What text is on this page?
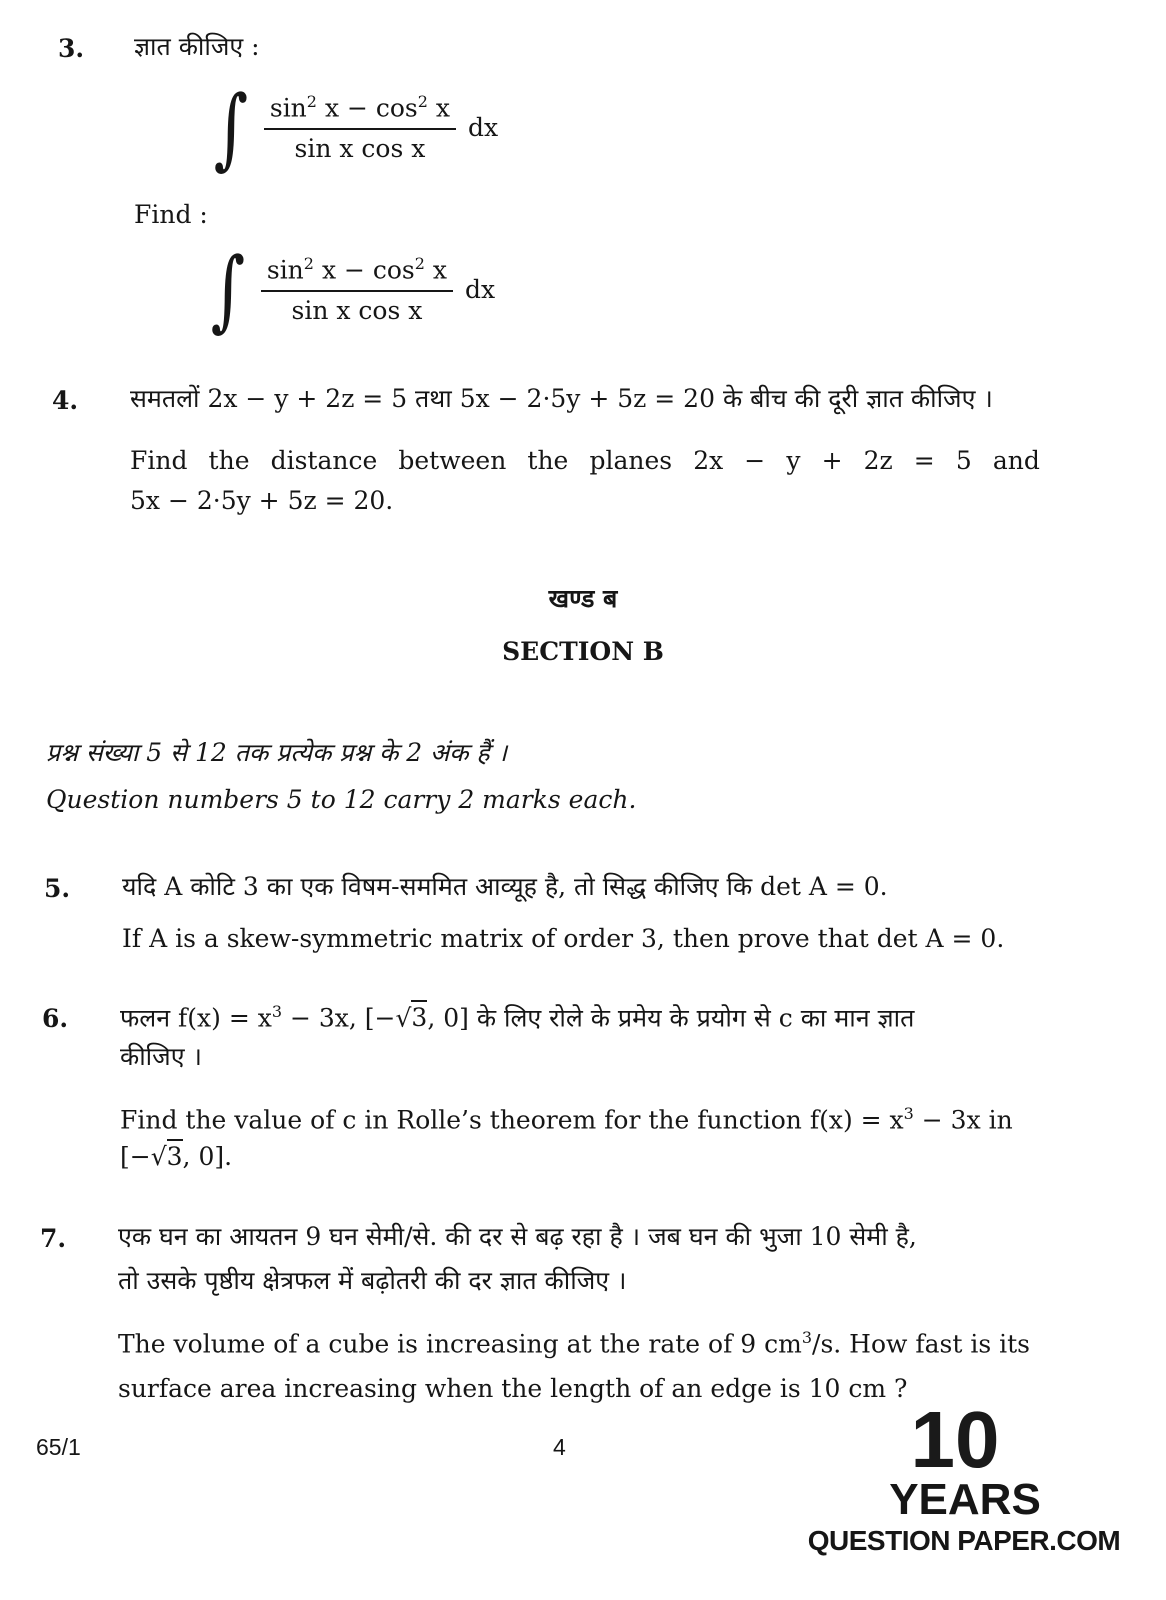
3. ज्ञात कीजिए :
∫ $\frac{\sin^2 x - \cos^2 x}{\text{sin x cos x}}$ dx
Find :
∫ $\frac{\sin^2 x - \cos^2 x}{\text{sin x cos x}}$ dx
4. समतलों 2x − y + 2z = 5 तथा 5x − 2·5y + 5z = 20 के बीच की दूरी ज्ञात कीजिए ।
Find the distance between the planes 2x − y + 2z = 5 and
5x − 2·5y + 5z = 20.
खण्ड ब
SECTION B
प्रश्न संख्या 5 से 12 तक प्रत्येक प्रश्न के 2 अंक हैं ।
Question numbers 5 to 12 carry 2 marks each.
5. यदि A कोटि 3 का एक विषम-सममित आव्यूह है, तो सिद्ध कीजिए कि det A = 0.
If A is a skew-symmetric matrix of order 3, then prove that det A = 0.
6. फलन $f(x) = x^3 - 3x$, [−√3, 0] के लिए रोले के प्रमेय के प्रयोग से c का मान ज्ञात
कीजिए ।
Find the value of c in Rolle’s theorem for the function $f(x) = x^3 - 3x$ in
[−√3, 0].
7. एक घन का आयतन 9 घन सेमी/से. की दर से बढ़ रहा है । जब घन की भुजा 10 सेमी है,
तो उसके पृष्ठीय क्षेत्रफल में बढ़ोतरी की दर ज्ञात कीजिए ।
The volume of a cube is increasing at the rate of 9 $cm^3/s$. How fast is its
surface area increasing when the length of an edge is 10 cm ?
65/1	4	10
YEARS
QUESTION PAPER.COM
